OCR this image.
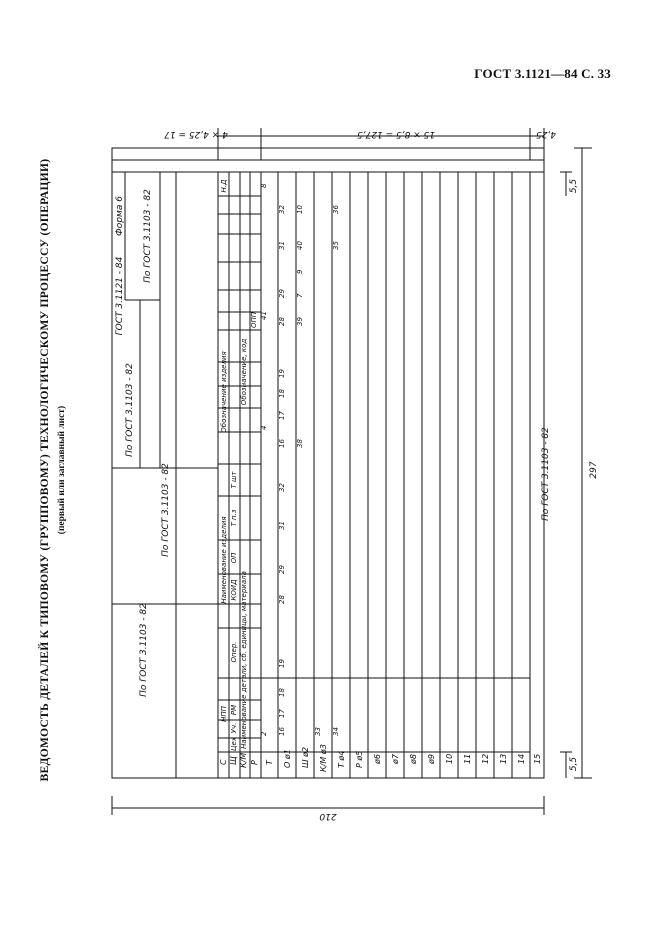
ГОСТ 3.1121—84 С. 33
ВЕДОМОСТЬ ДЕТАЛЕЙ К ТИПОВОМУ (ГРУППОВОМУ) ТЕХНОЛОГИЧЕСКОМУ ПРОЦЕССУ (ОПЕРАЦИИ) (первый или заглавный лист)
210
297
15 × 8,5 = 127,5
4 × 4,25 = 17	4,25
5,5
5,5
Форма 6
ГОСТ 3.1121 - 84
По ГОСТ 3.1103 - 82
По ГОСТ 3.1103 - 82
По ГОСТ 3.1103 - 82
По ГОСТ 3.1103 - 82
По ГОСТ 3.1103 - 82
НПП
Наименование изделия
Обозначение изделия
Н.Д
Цех
Уч.
РМ
Опер.
КОИД
ОП
Т п.з
Т шт
Наименование детали, сб. единицы, материала
Обозначение, код
ОПП
С Щ К/М Р Т О ø1 Ш ø2 К/М ø3 Т ø4 Р ø5 ø6 ø7 ø8 ø9 10 11 12 13 14 15
2
4
41
8
16
17
18
19
28
29
31
32
16
17
18
19
28
29
31
32
38
39
7
9
40
10
33 34
35
36
